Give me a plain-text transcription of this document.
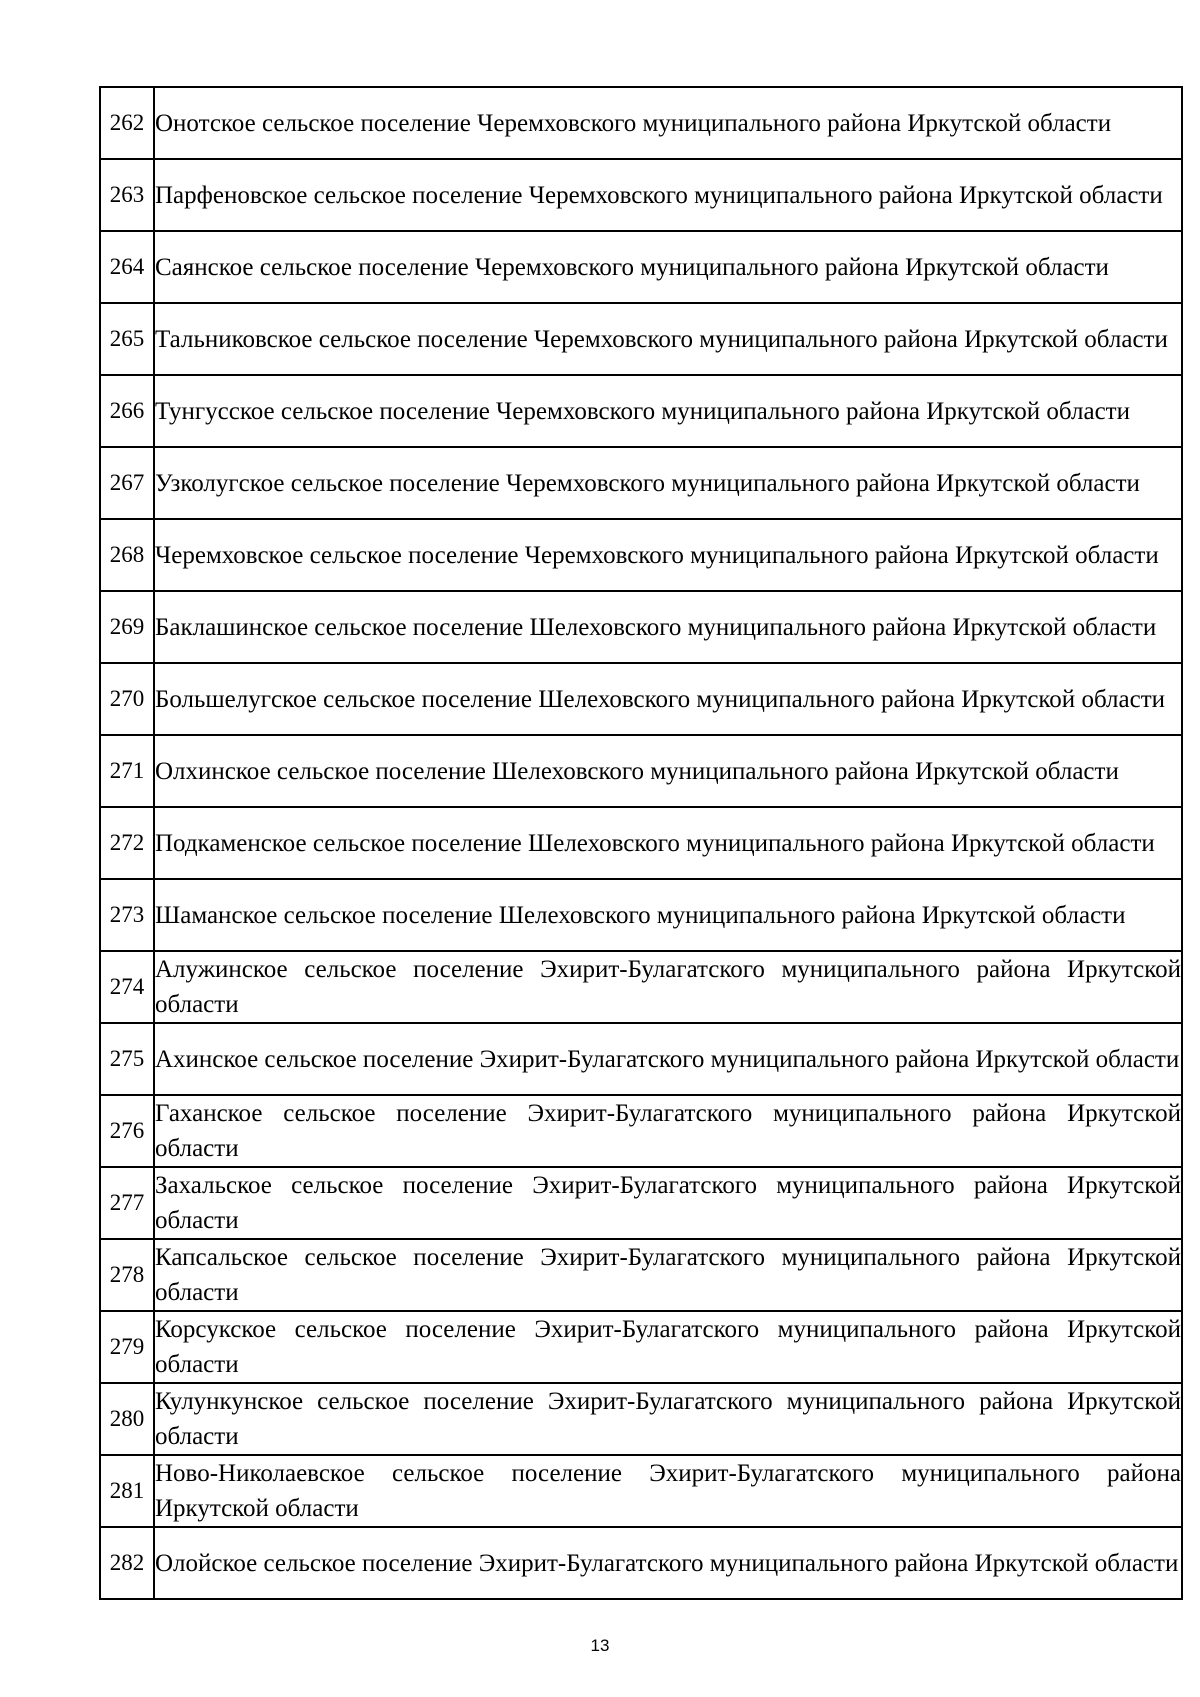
262	Онотское сельское поселение Черемховского муниципального района Иркутской области
263	Парфеновское сельское поселение Черемховского муниципального района Иркутской области
264	Саянское сельское поселение Черемховского муниципального района Иркутской области
265	Тальниковское сельское поселение Черемховского муниципального района Иркутской области
266	Тунгусское сельское поселение Черемховского муниципального района Иркутской области
267	Узколугское сельское поселение Черемховского муниципального района Иркутской области
268	Черемховское сельское поселение Черемховского муниципального района Иркутской области
269	Баклашинское сельское поселение Шелеховского муниципального района Иркутской области
270	Большелугское сельское поселение Шелеховского муниципального района Иркутской области
271	Олхинское сельское поселение Шелеховского муниципального района Иркутской области
272	Подкаменское сельское поселение Шелеховского муниципального района Иркутской области
273	Шаманское сельское поселение Шелеховского муниципального района Иркутской области
274	Алужинское сельское поселение Эхирит-Булагатского муниципального района Иркутской области
275	Ахинское сельское поселение Эхирит-Булагатского муниципального района Иркутской области
276	Гаханское сельское поселение Эхирит-Булагатского муниципального района Иркутской области
277	Захальское сельское поселение Эхирит-Булагатского муниципального района Иркутской области
278	Капсальское сельское поселение Эхирит-Булагатского муниципального района Иркутской области
279	Корсукское сельское поселение Эхирит-Булагатского муниципального района Иркутской области
280	Кулункунское сельское поселение Эхирит-Булагатского муниципального района Иркутской области
281	Ново-Николаевское сельское поселение Эхирит-Булагатского муниципального района Иркутской области
282	Олойское сельское поселение Эхирит-Булагатского муниципального района Иркутской области
13
